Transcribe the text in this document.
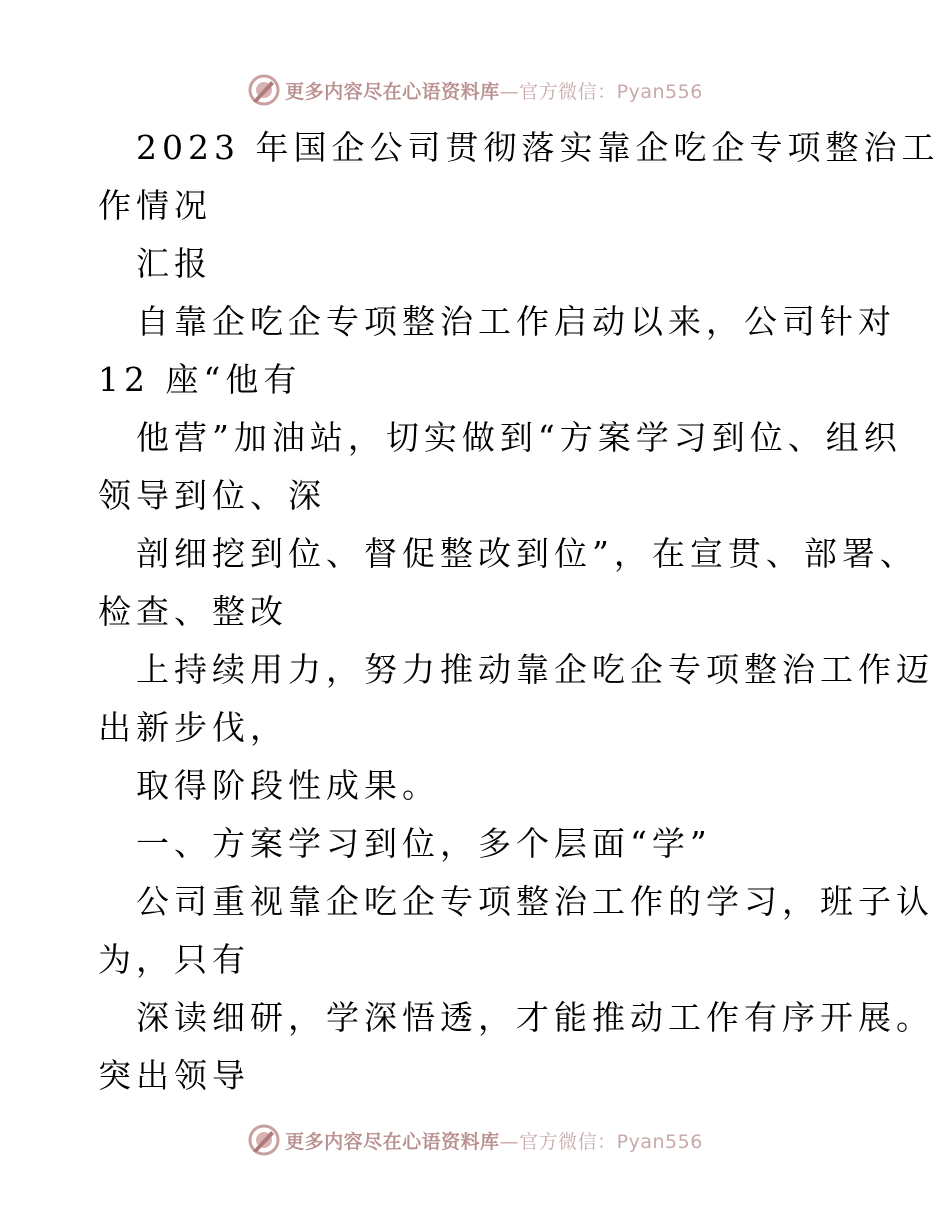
更多内容尽在心语资料库—官方微信：Pyan556
2023 年国企公司贯彻落实靠企吃企专项整治工
作情况
汇报
自靠企吃企专项整治工作启动以来，公司针对
12 座“他有
他营”加油站，切实做到“方案学习到位、组织
领导到位、深
剖细挖到位、督促整改到位”，在宣贯、部署、
检查、整改
上持续用力，努力推动靠企吃企专项整治工作迈
出新步伐，
取得阶段性成果。
一、方案学习到位，多个层面“学”
公司重视靠企吃企专项整治工作的学习，班子认
为，只有
深读细研，学深悟透，才能推动工作有序开展。
突出领导
更多内容尽在心语资料库—官方微信：Pyan556
